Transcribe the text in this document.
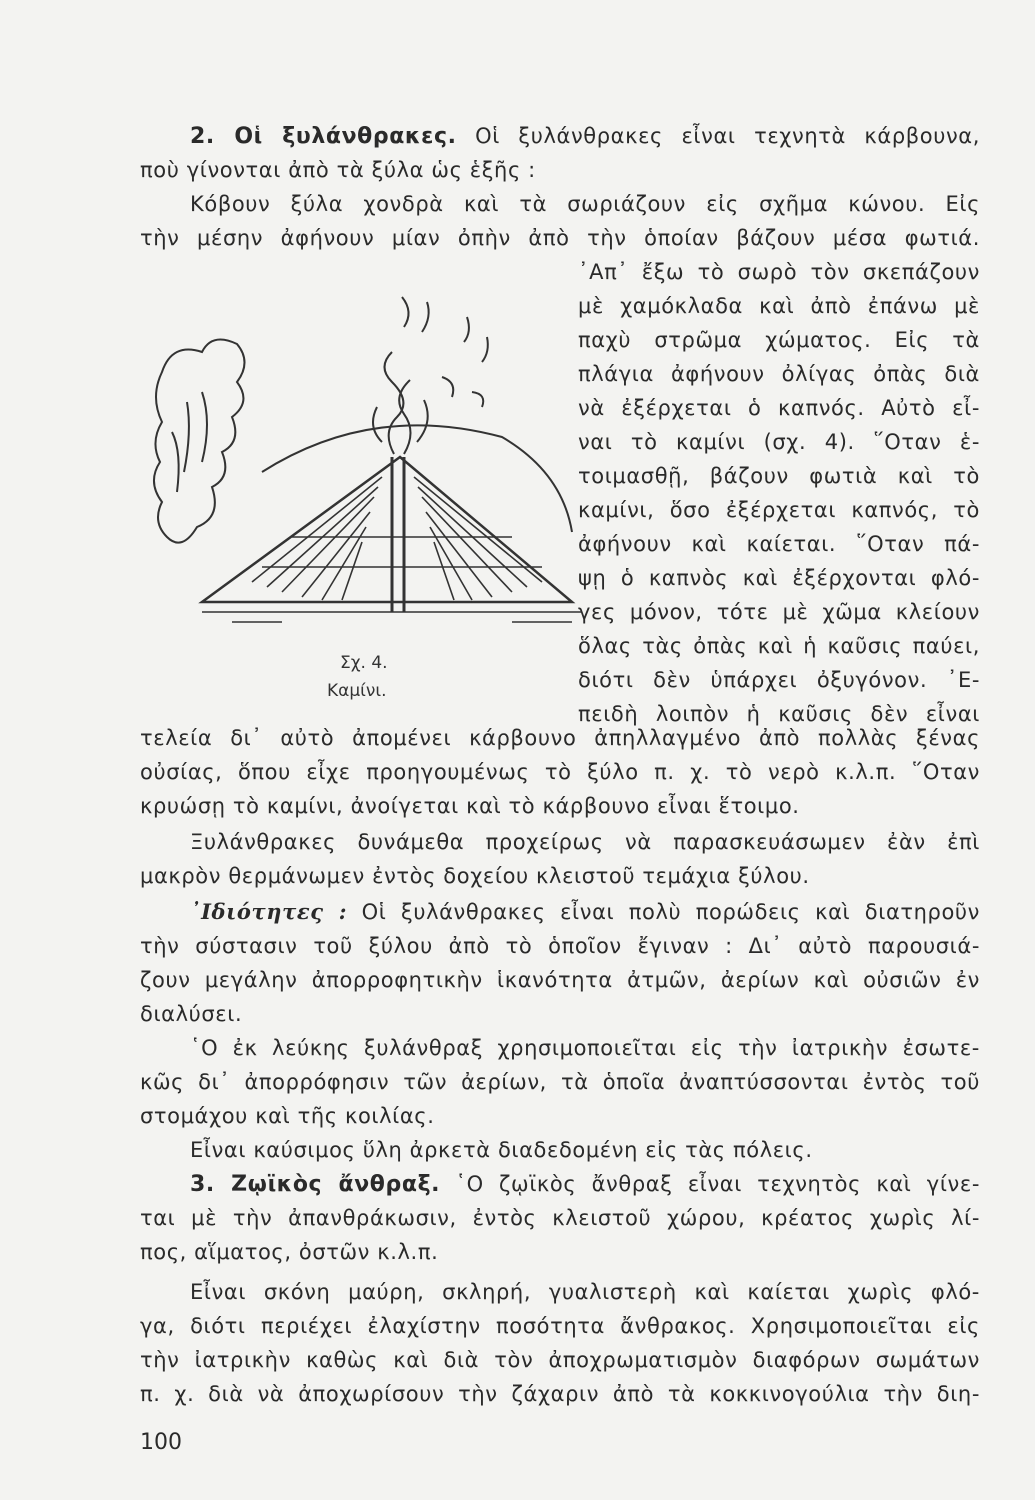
2. Οἱ ξυλάνθρακες. Οἱ ξυλάνθρακες εἶναι τεχνητὰ κάρβουνα,
ποὺ γίνονται ἀπὸ τὰ ξύλα ὡς ἑξῆς :
Κόβουν ξύλα χονδρὰ καὶ τὰ σωριάζουν εἰς σχῆμα κώνου. Εἰς
τὴν μέσην ἀφήνουν μίαν ὀπὴν ἀπὸ τὴν ὁποίαν βάζουν μέσα φωτιά.
᾿Απ᾿ ἔξω τὸ σωρὸ τὸν σκεπάζουν
μὲ χαμόκλαδα καὶ ἀπὸ ἐπάνω μὲ
παχὺ στρῶμα χώματος. Εἰς τὰ
πλάγια ἀφήνουν ὀλίγας ὀπὰς διὰ
νὰ ἐξέρχεται ὁ καπνός. Αὐτὸ εἶ-
ναι τὸ καμίνι (σχ. 4). ῞Οταν ἑ-
τοιμασθῇ, βάζουν φωτιὰ καὶ τὸ
καμίνι, ὅσο ἐξέρχεται καπνός, τὸ
ἀφήνουν καὶ καίεται. ῞Οταν πά-
ψῃ ὁ καπνὸς καὶ ἐξέρχονται φλό-
γες μόνον, τότε μὲ χῶμα κλείουν
ὅλας τὰς ὀπὰς καὶ ἡ καῦσις παύει,
διότι δὲν ὑπάρχει ὀξυγόνον. ᾿Ε-
πειδὴ λοιπὸν ἡ καῦσις δὲν εἶναι
Σχ. 4.
Καμίνι.
τελεία δι᾿ αὐτὸ ἀπομένει κάρβουνο ἀπηλλαγμένο ἀπὸ πολλὰς ξένας
οὐσίας, ὅπου εἶχε προηγουμένως τὸ ξύλο π. χ. τὸ νερὸ κ.λ.π. ῞Οταν
κρυώσῃ τὸ καμίνι, ἀνοίγεται καὶ τὸ κάρβουνο εἶναι ἕτοιμο.
Ξυλάνθρακες δυνάμεθα προχείρως νὰ παρασκευάσωμεν ἐὰν ἐπὶ
μακρὸν θερμάνωμεν ἐντὸς δοχείου κλειστοῦ τεμάχια ξύλου.
᾿Ιδιότητες : Οἱ ξυλάνθρακες εἶναι πολὺ πορώδεις καὶ διατηροῦν
τὴν σύστασιν τοῦ ξύλου ἀπὸ τὸ ὁποῖον ἔγιναν : Δι᾿ αὐτὸ παρουσιά-
ζουν μεγάλην ἀπορροφητικὴν ἱκανότητα ἀτμῶν, ἀερίων καὶ οὐσιῶν ἐν
διαλύσει.
῾Ο ἐκ λεύκης ξυλάνθραξ χρησιμοποιεῖται εἰς τὴν ἰατρικὴν ἐσωτε-
κῶς δι᾿ ἀπορρόφησιν τῶν ἀερίων, τὰ ὁποῖα ἀναπτύσσονται ἐντὸς τοῦ
στομάχου καὶ τῆς κοιλίας.
Εἶναι καύσιμος ὕλη ἀρκετὰ διαδεδομένη εἰς τὰς πόλεις.
3. Ζῳϊκὸς ἄνθραξ. ῾Ο ζῳϊκὸς ἄνθραξ εἶναι τεχνητὸς καὶ γίνε-
ται μὲ τὴν ἀπανθράκωσιν, ἐντὸς κλειστοῦ χώρου, κρέατος χωρὶς λί-
πος, αἵματος, ὀστῶν κ.λ.π.
Εἶναι σκόνη μαύρη, σκληρή, γυαλιστερὴ καὶ καίεται χωρὶς φλό-
γα, διότι περιέχει ἐλαχίστην ποσότητα ἄνθρακος. Χρησιμοποιεῖται εἰς
τὴν ἰατρικὴν καθὼς καὶ διὰ τὸν ἀποχρωματισμὸν διαφόρων σωμάτων
π. χ. διὰ νὰ ἀποχωρίσουν τὴν ζάχαριν ἀπὸ τὰ κοκκινογούλια τὴν διη-
100
